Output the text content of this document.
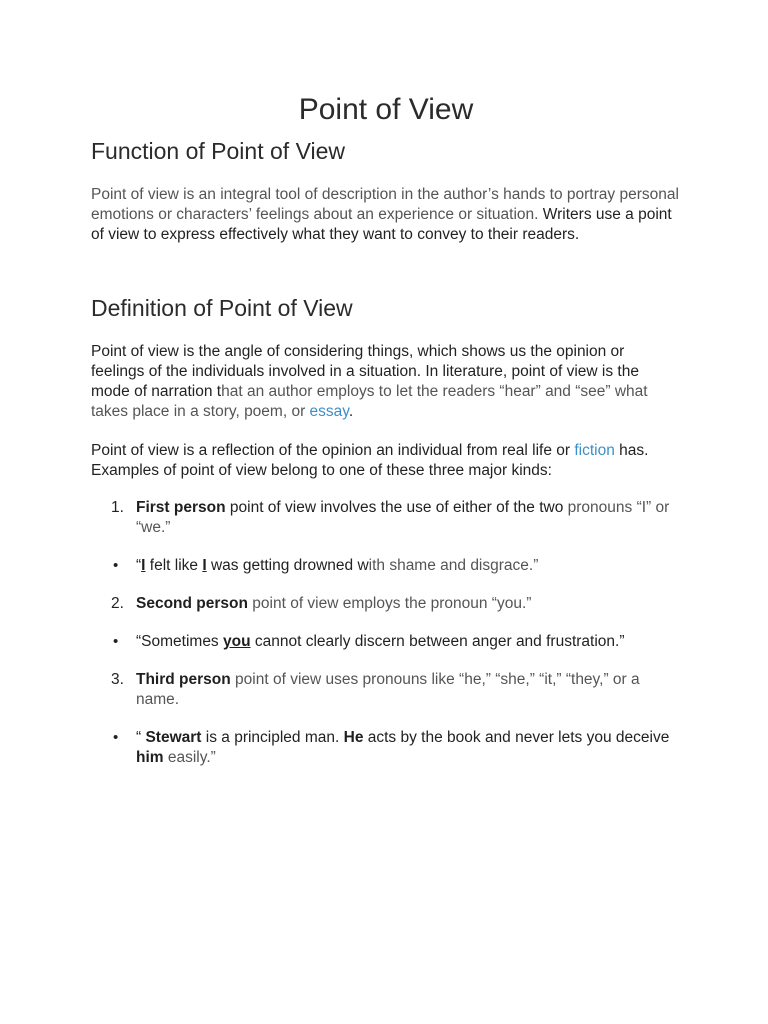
Point of View
Function of Point of View

Point of view is an integral tool of description in the author’s hands to portray personal emotions or characters’ feelings about an experience or situation. Writers use a point of view to express effectively what they want to convey to their readers.

Definition of Point of View

Point of view is the angle of considering things, which shows us the opinion or feelings of the individuals involved in a situation. In literature, point of view is the mode of narration that an author employs to let the readers “hear” and “see” what takes place in a story, poem, or essay.

Point of view is a reflection of the opinion an individual from real life or fiction has. Examples of point of view belong to one of these three major kinds:

1. First person point of view involves the use of either of the two pronouns “I” or “we.”
• “I felt like I was getting drowned with shame and disgrace.”
2. Second person point of view employs the pronoun “you.”
• “Sometimes you cannot clearly discern between anger and frustration.”
3. Third person point of view uses pronouns like “he,” “she,” “it,” “they,” or a name.
• “ Stewart is a principled man. He acts by the book and never lets you deceive him easily.”
